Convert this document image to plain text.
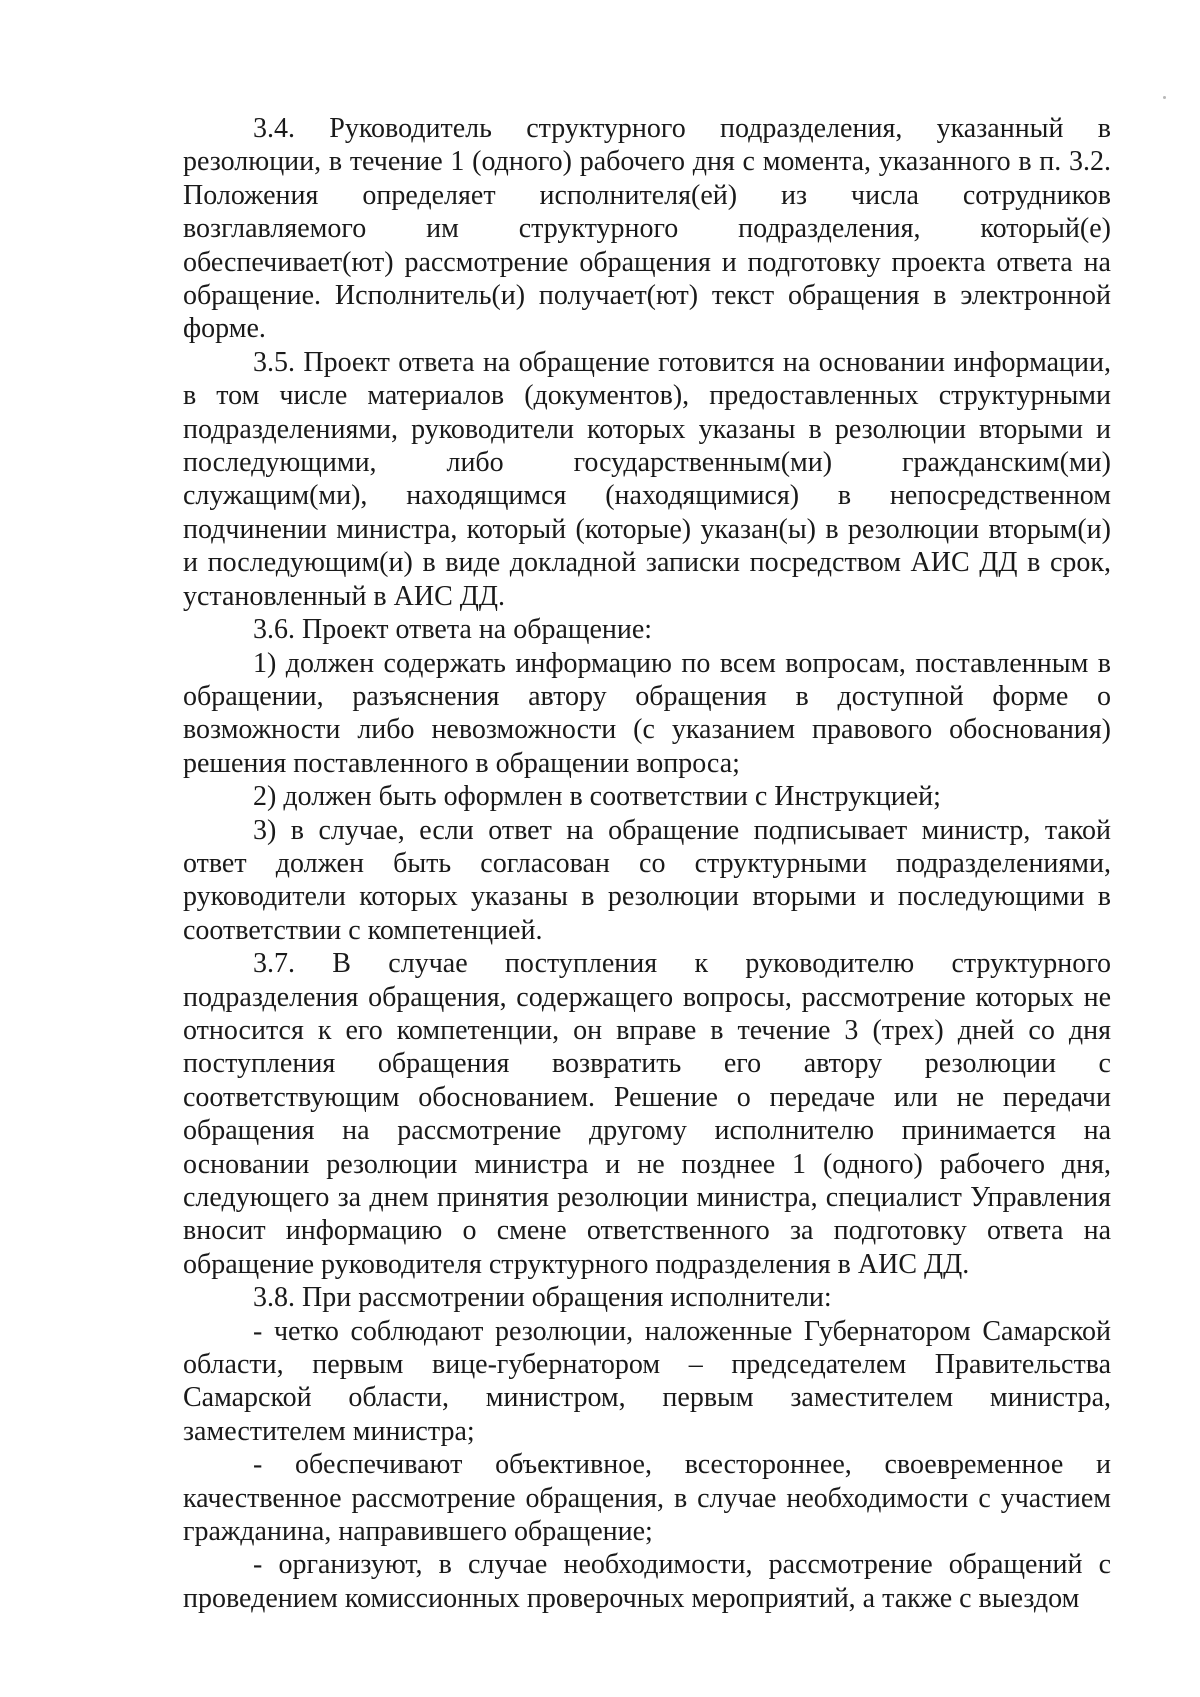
3.4. Руководитель структурного подразделения, указанный в резолюции, в течение 1 (одного) рабочего дня с момента, указанного в п. 3.2. Положения определяет исполнителя(ей) из числа сотрудников возглавляемого им структурного подразделения, который(е) обеспечивает(ют) рассмотрение обращения и подготовку проекта ответа на обращение. Исполнитель(и) получает(ют) текст обращения в электронной форме.

3.5. Проект ответа на обращение готовится на основании информации, в том числе материалов (документов), предоставленных структурными подразделениями, руководители которых указаны в резолюции вторыми и последующими, либо государственным(ми) гражданским(ми) служащим(ми), находящимся (находящимися) в непосредственном подчинении министра, который (которые) указан(ы) в резолюции вторым(и) и последующим(и) в виде докладной записки посредством АИС ДД в срок, установленный в АИС ДД.

3.6. Проект ответа на обращение:

1) должен содержать информацию по всем вопросам, поставленным в обращении, разъяснения автору обращения в доступной форме о возможности либо невозможности (с указанием правового обоснования) решения поставленного в обращении вопроса;

2) должен быть оформлен в соответствии с Инструкцией;

3) в случае, если ответ на обращение подписывает министр, такой ответ должен быть согласован со структурными подразделениями, руководители которых указаны в резолюции вторыми и последующими в соответствии с компетенцией.

3.7. В случае поступления к руководителю структурного подразделения обращения, содержащего вопросы, рассмотрение которых не относится к его компетенции, он вправе в течение 3 (трех) дней со дня поступления обращения возвратить его автору резолюции с соответствующим обоснованием. Решение о передаче или не передачи обращения на рассмотрение другому исполнителю принимается на основании резолюции министра и не позднее 1 (одного) рабочего дня, следующего за днем принятия резолюции министра, специалист Управления вносит информацию о смене ответственного за подготовку ответа на обращение руководителя структурного подразделения в АИС ДД.

3.8. При рассмотрении обращения исполнители:

- четко соблюдают резолюции, наложенные Губернатором Самарской области, первым вице-губернатором – председателем Правительства Самарской области, министром, первым заместителем министра, заместителем министра;

- обеспечивают объективное, всестороннее, своевременное и качественное рассмотрение обращения, в случае необходимости с участием гражданина, направившего обращение;

- организуют, в случае необходимости, рассмотрение обращений с проведением комиссионных проверочных мероприятий, а также с выездом
